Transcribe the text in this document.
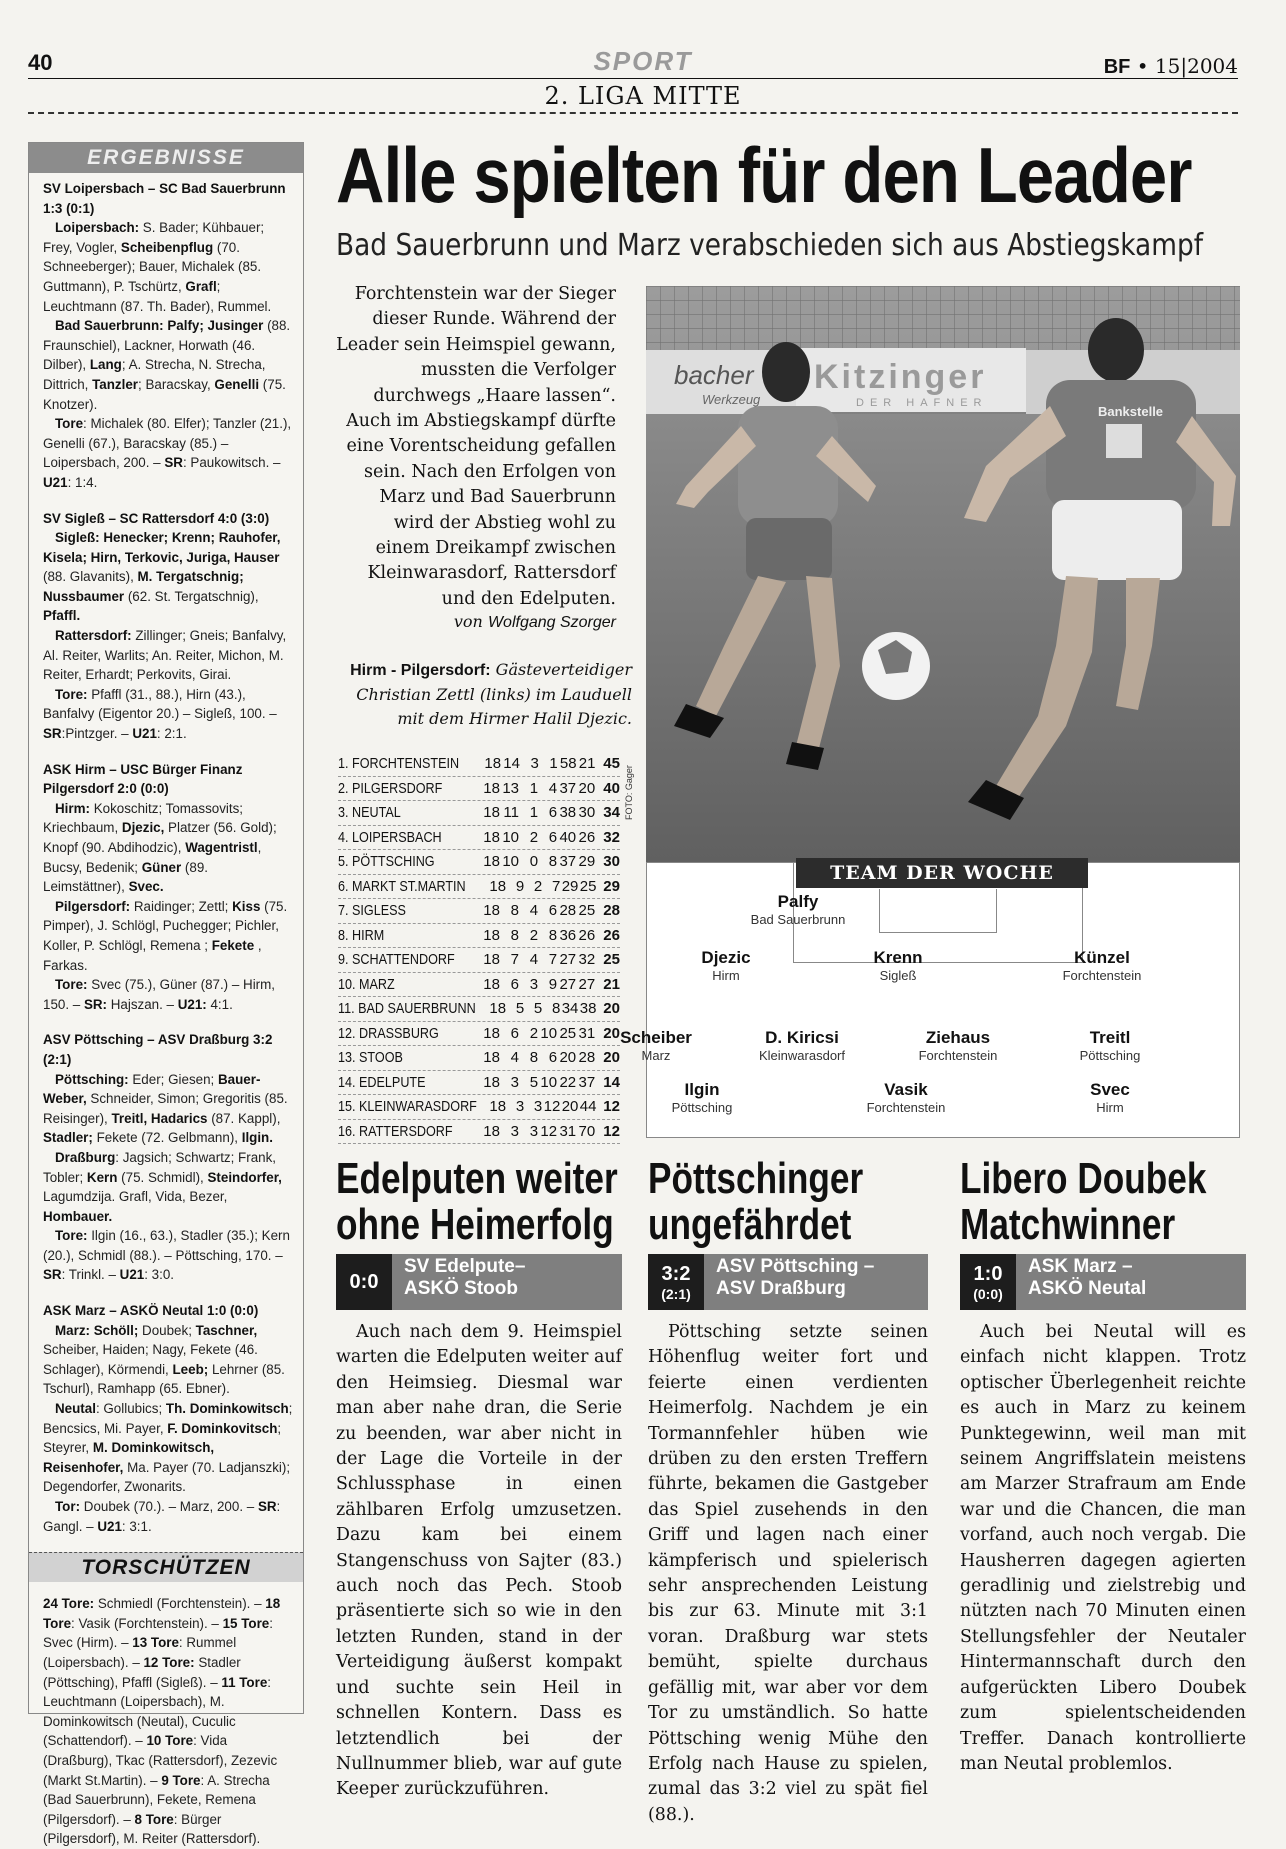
40	SPORT	BF • 15|2004
2. LIGA MITTE
ERGEBNISSE

SV Loipersbach – SC Bad Sauerbrunn 1:3 (0:1)
Loipersbach: S. Bader; Kühbauer; Frey, Vogler, Scheibenpflug (70. Schneeberger); Bauer, Michalek (85. Guttmann), P. Tschürtz, Grafl; Leuchtmann (87. Th. Bader), Rummel.
Bad Sauerbrunn: Palfy; Jusinger (88. Fraunschiel), Lackner, Horwath (46. Dilber), Lang; A. Strecha, N. Strecha, Dittrich, Tanzler; Baracskay, Genelli (75. Knotzer).
Tore: Michalek (80. Elfer); Tanzler (21.), Genelli (67.), Baracskay (85.) – Loipersbach, 200. – SR: Paukowitsch. – U21: 1:4.

SV Sigleß – SC Rattersdorf 4:0 (3:0)
Sigleß: Henecker; Krenn; Rauhofer, Kisela; Hirn, Terkovic, Juriga, Hauser (88. Glavanits), M. Tergatschnig; Nussbaumer (62. St. Tergatschnig), Pfaffl.
Rattersdorf: Zillinger; Gneis; Banfalvy, Al. Reiter, Warlits; An. Reiter, Michon, M. Reiter, Erhardt; Perkovits, Girai.
Tore: Pfaffl (31., 88.), Hirn (43.), Banfalvy (Eigentor 20.) – Sigleß, 100. – SR:Pintzger. – U21: 2:1.

ASK Hirm – USC Bürger Finanz Pilgersdorf 2:0 (0:0)
Hirm: Kokoschitz; Tomassovits; Kriechbaum, Djezic, Platzer (56. Gold); Knopf (90. Abdihodzic), Wagentristl, Bucsy, Bedenik; Güner (89. Leimstättner), Svec.
Pilgersdorf: Raidinger; Zettl; Kiss (75. Pimper), J. Schlögl, Puchegger; Pichler, Koller, P. Schlögl, Remena ; Fekete , Farkas.
Tore: Svec (75.), Güner (87.) – Hirm, 150. – SR: Hajszan. – U21: 4:1.

ASV Pöttsching – ASV Draßburg 3:2 (2:1)
Pöttsching: Eder; Giesen; Bauer-Weber, Schneider, Simon; Gregoritis (85. Reisinger), Treitl, Hadarics (87. Kappl), Stadler; Fekete (72. Gelbmann), Ilgin.
Draßburg: Jagsich; Schwartz; Frank, Tobler; Kern (75. Schmidl), Steindorfer, Lagumdzija. Grafl, Vida, Bezer, Hombauer.
Tore: Ilgin (16., 63.), Stadler (35.); Kern (20.), Schmidl (88.). – Pöttsching, 170. – SR: Trinkl. – U21: 3:0.

ASK Marz – ASKÖ Neutal 1:0 (0:0)
Marz: Schöll; Doubek; Taschner, Scheiber, Haiden; Nagy, Fekete (46. Schlager), Körmendi, Leeb; Lehrner (85. Tschurl), Ramhapp (65. Ebner).
Neutal: Gollubics; Th. Dominkowitsch; Bencsics, Mi. Payer, F. Dominkovitsch; Steyrer, M. Dominkowitsch, Reisenhofer, Ma. Payer (70. Ladjanszki); Degendorfer, Zwonarits.
Tor: Doubek (70.). – Marz, 200. – SR: Gangl. – U21: 3:1.

TORSCHÜTZEN
24 Tore: Schmiedl (Forchtenstein). – 18 Tore: Vasik (Forchtenstein). – 15 Tore: Svec (Hirm). – 13 Tore: Rummel (Loipersbach). – 12 Tore: Stadler (Pöttsching), Pfaffl (Sigleß). – 11 Tore: Leuchtmann (Loipersbach), M. Dominkowitsch (Neutal), Cuculic (Schattendorf). – 10 Tore: Vida (Draßburg), Tkac (Rattersdorf), Zezevic (Markt St.Martin). – 9 Tore: A. Strecha (Bad Sauerbrunn), Fekete, Remena (Pilgersdorf). – 8 Tore: Bürger (Pilgersdorf), M. Reiter (Rattersdorf).
Alle spielten für den Leader
Bad Sauerbrunn und Marz verabschieden sich aus Abstiegskampf
Forchtenstein war der Sieger dieser Runde. Während der Leader sein Heimspiel gewann, mussten die Verfolger durchwegs „Haare lassen“. Auch im Abstiegskampf dürfte eine Vorentscheidung gefallen sein. Nach den Erfolgen von Marz und Bad Sauerbrunn wird der Abstieg wohl zu einem Dreikampf zwischen Kleinwarasdorf, Rattersdorf und den Edelputen.
von Wolfgang Szorger
Hirm - Pilgersdorf: Gästeverteidiger Christian Zettl (links) im Lauduell mit dem Hirmer Halil Djezic.
Kitzinger
DER HAFNER
bacher
Werkzeug
Bankstelle
FOTO: Gager
1. FORCHTENSTEIN 18 14 3 1 58 21 45
2. PILGERSDORF	18 13 1 4 37 20 40
3. NEUTAL	18 11 1 6 38 30 34
4. LOIPERSBACH	18 10 2 6 40 26 32
5. PÖTTSCHING	18 10 0 8 37 29 30
6. MARKT ST.MARTIN 18 9 2 7 29 25 29
7. SIGLESS	18 8 4 6 28 25 28
8. HIRM	18 8 2 8 36 26 26
9. SCHATTENDORF 18 7 4 7 27 32 25
10. MARZ	18 6 3 9 27 27 21
11. BAD SAUERBRUNN 18 5 5 8 34 38 20
12. DRASSBURG	18 6 2 10 25 31 20
13. STOOB	18 4 8 6 20 28 20
14. EDELPUTE	18 3 5 10 22 37 14
15. KLEINWARASDORF 18 3 3 12 20 44 12
16. RATTERSDORF	18 3 3 12 31 70 12
TEAM DER WOCHE
Palfy
Bad Sauerbrunn
Djezic
Hirm
Krenn
Sigleß
Künzel
Forchtenstein
Scheiber
Marz
D. Kiricsi
Kleinwarasdorf
Ziehaus
Forchtenstein
Treitl
Pöttsching
Ilgin
Pöttsching
Vasik
Forchtenstein
Svec
Hirm
Edelputen weiter
ohne Heimerfolg
0:0
SV Edelpute–
ASKÖ Stoob
Auch nach dem 9. Heimspiel warten die Edelputen weiter auf den Heimsieg. Diesmal war man aber nahe dran, die Serie zu beenden, war aber nicht in der Lage die Vorteile in der Schlussphase in einen zählbaren Erfolg umzusetzen. Dazu kam bei einem Stangenschuss von Sajter (83.) auch noch das Pech. Stoob präsentierte sich so wie in den letzten Runden, stand in der Verteidigung äußerst kompakt und suchte sein Heil in schnellen Kontern. Dass es letztendlich bei der Nullnummer blieb, war auf gute Keeper zurückzuführen.
Pöttschinger
ungefährdet
3:2
(2:1)
ASV Pöttsching –
ASV Draßburg
Pöttsching setzte seinen Höhenflug weiter fort und feierte einen verdienten Heimerfolg. Nachdem je ein Tormannfehler hüben wie drüben zu den ersten Treffern führte, bekamen die Gastgeber das Spiel zusehends in den Griff und lagen nach einer kämpferisch und spielerisch sehr ansprechenden Leistung bis zur 63. Minute mit 3:1 voran. Draßburg war stets bemüht, spielte durchaus gefällig mit, war aber vor dem Tor zu umständlich. So hatte Pöttsching wenig Mühe den Erfolg nach Hause zu spielen, zumal das 3:2 viel zu spät fiel (88.).
Libero Doubek
Matchwinner
1:0
(0:0)
ASK Marz –
ASKÖ Neutal
Auch bei Neutal will es einfach nicht klappen. Trotz optischer Überlegenheit reichte es auch in Marz zu keinem Punktegewinn, weil man mit seinem Angriffslatein meistens am Marzer Strafraum am Ende war und die Chancen, die man vorfand, auch noch vergab. Die Hausherren dagegen agierten geradlinig und zielstrebig und nützten nach 70 Minuten einen Stellungsfehler der Neutaler Hintermannschaft durch den aufgerückten Libero Doubek zum spielentscheidenden Treffer. Danach kontrollierte man Neutal problemlos.
